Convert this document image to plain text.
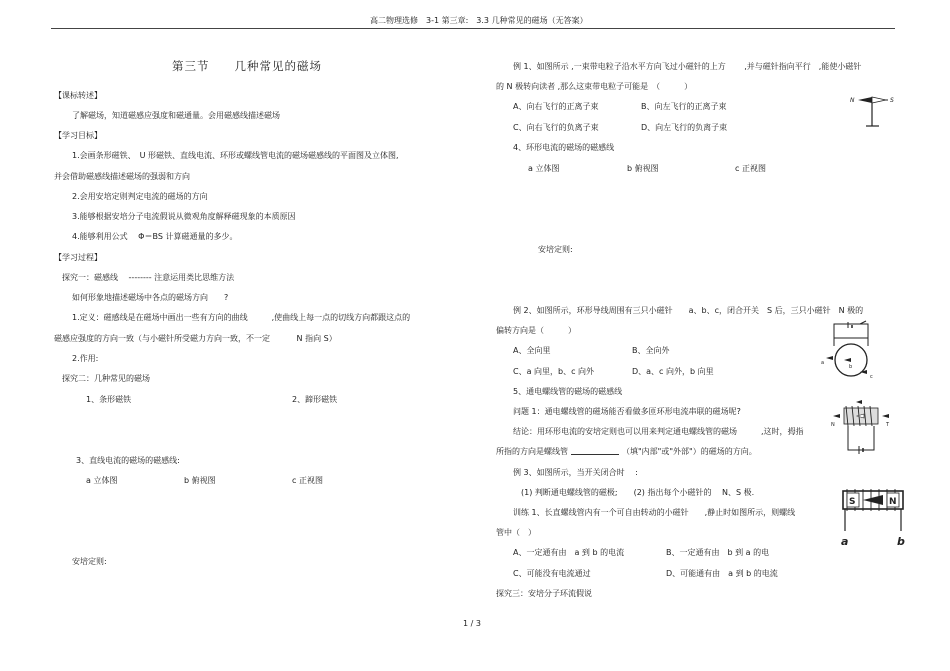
高二物理选修　3-1 第三章:　3.3 几种常见的磁场（无答案）
第三节　　几种常见的磁场
【课标转述】
了解磁场，知道磁感应强度和磁通量。会用磁感线描述磁场
【学习目标】
1.会画条形磁铁、　U 形磁铁、直线电流、环形或螺线管电流的磁场磁感线的平面图及立体图,
并会借助磁感线描述磁场的强弱和方向
2.会用安培定则判定电流的磁场的方向
3.能够根据安培分子电流假说从微观角度解释磁现象的本质原因
4.能够利用公式　 Φ＝BS 计算磁通量的多少。
【学习过程】
探究一：磁感线　 -------- 注意运用类比思维方法
如何形象地描述磁场中各点的磁场方向　　?
1.定义：磁感线是在磁场中画出一些有方向的曲线　　　,使曲线上每一点的切线方向都跟这点的
磁感应强度的方向一致（与小磁针所受磁力方向一致，不一定　　　 N 指向 S）
2.作用:
探究二：几种常见的磁场
1、条形磁铁	2、蹄形磁铁
3、直线电流的磁场的磁感线:
a 立体图	b 俯视图	c 正视图
安培定则:
例 1、如图所示 ,一束带电粒子沿水平方向飞过小磁针的上方　　 ,并与磁针指向平行　,能使小磁针
的 N 极转向读者 ,那么这束带电粒子可能是　（　　　）
A、向右飞行的正离子束	B、向左飞行的正离子束
C、向右飞行的负离子束	D、向左飞行的负离子束
N	S
4、环形电流的磁场的磁感线
a 立体图	b 俯视图	c 正视图
安培定则:
例 2、如图所示，环形导线周围有三只小磁针　　a、b、c，闭合开关　S 后，三只小磁针　N 极的
偏转方向是（　　　）
A、全向里	B、全向外
C、a 向里，b、c 向外	D、a、c 向外，b 向里
a
b
c
5、通电螺线管的磁场的磁感线
问题 1：通电螺线管的磁场能否看做多匝环形电流串联的磁场呢?
N	T
结论：用环形电流的安培定则也可以用来判定通电螺线管的磁场　　　,这时，拇指
所指的方向是螺线管	（填"内部"或"外部"）的磁场的方向。
例 3、如图所示，当开关闭合时　 :
(1) 判断通电螺线管的磁极;　　(2) 指出每个小磁针的　 N、S 极.
S	N
a	b
训练 1、长直螺线管内有一个可自由转动的小磁针　　,静止时如图所示，则螺线
管中（　）
A、一定通有由　a 到 b 的电流	B、一定通有由　b 到 a 的电
C、可能没有电流通过	D、可能通有由　a 到 b 的电流
探究三：安培分子环流假说
1 / 3
